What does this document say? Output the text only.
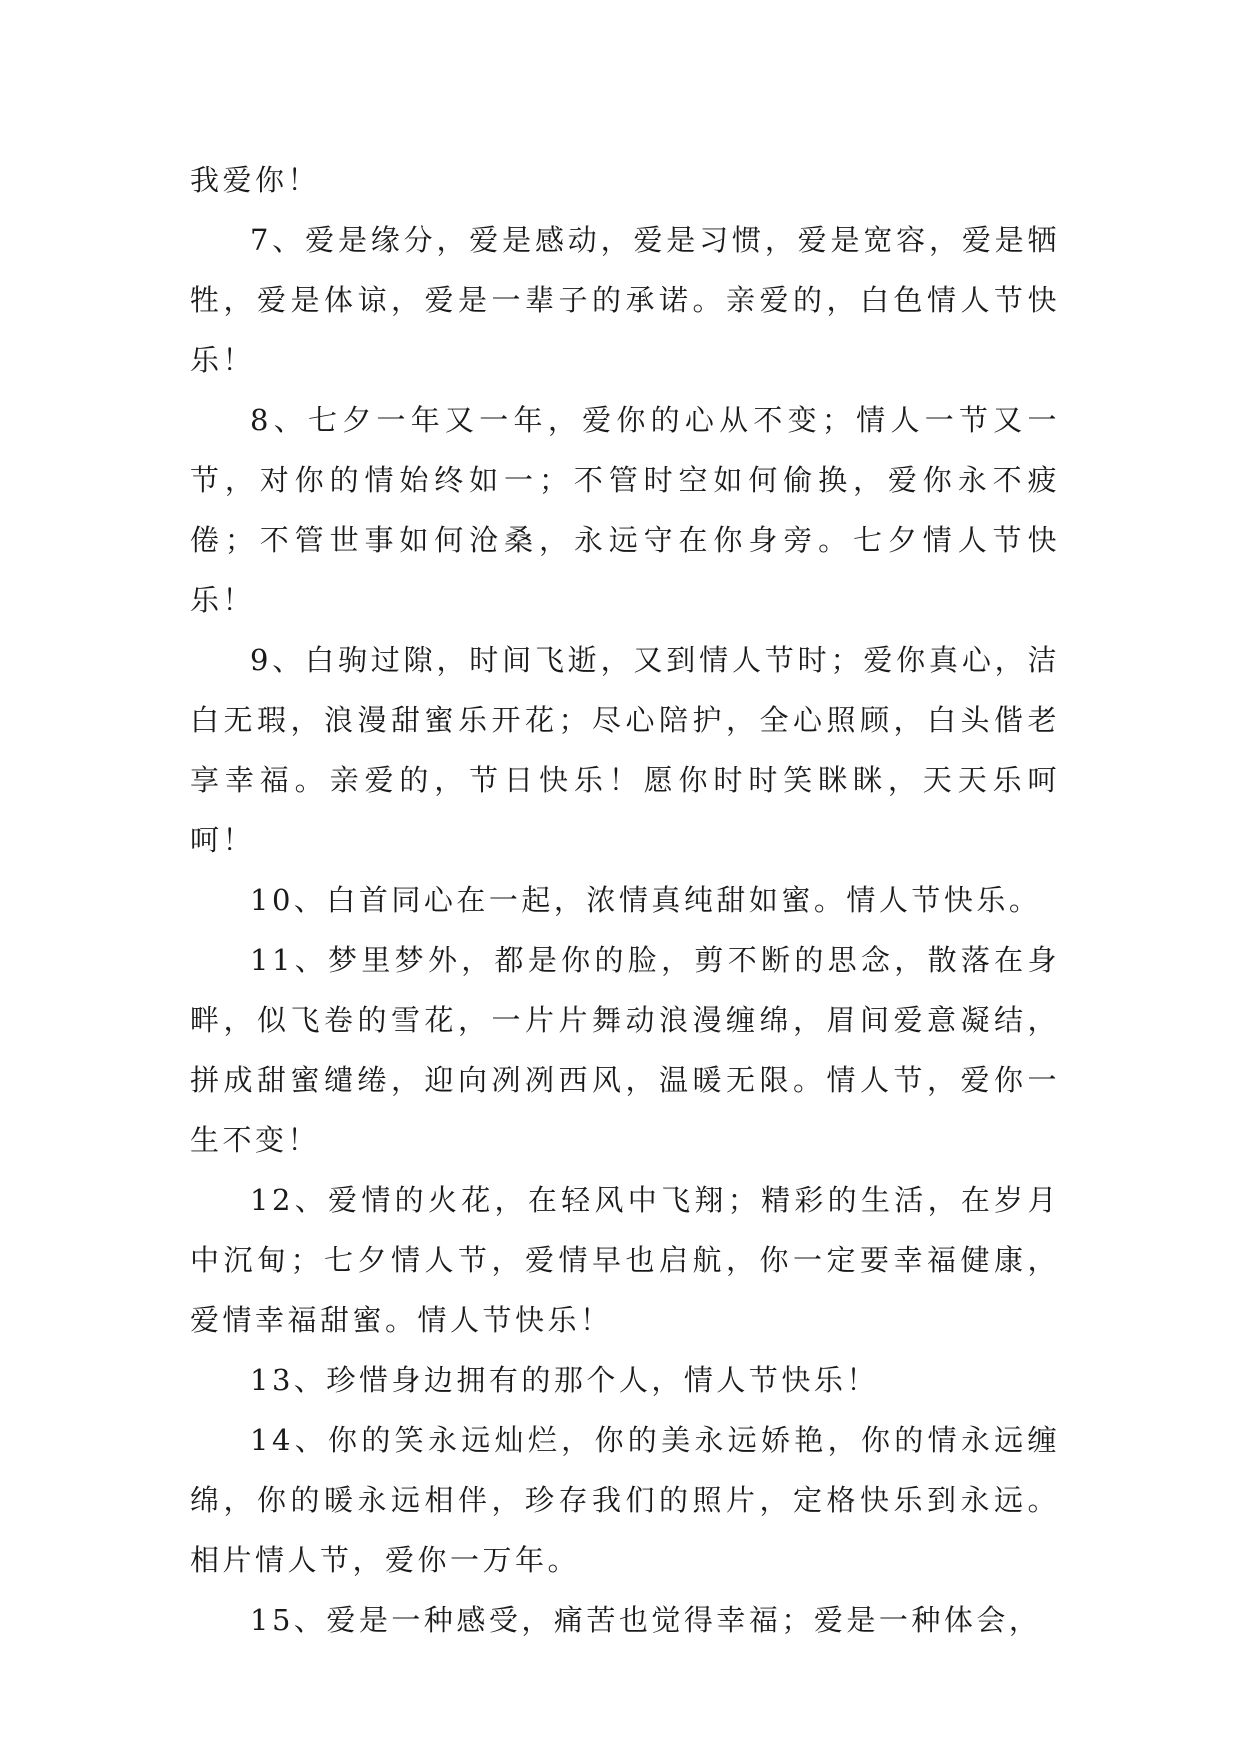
我爱你！

7、爱是缘分，爱是感动，爱是习惯，爱是宽容，爱是牺牲，爱是体谅，爱是一辈子的承诺。亲爱的，白色情人节快乐！

8、七夕一年又一年，爱你的心从不变；情人一节又一节，对你的情始终如一；不管时空如何偷换，爱你永不疲倦；不管世事如何沧桑，永远守在你身旁。七夕情人节快乐！

9、白驹过隙，时间飞逝，又到情人节时；爱你真心，洁白无瑕，浪漫甜蜜乐开花；尽心陪护，全心照顾，白头偕老享幸福。亲爱的，节日快乐！愿你时时笑眯眯，天天乐呵呵！

10、白首同心在一起，浓情真纯甜如蜜。情人节快乐。

11、梦里梦外，都是你的脸，剪不断的思念，散落在身畔，似飞卷的雪花，一片片舞动浪漫缠绵，眉间爱意凝结，拼成甜蜜缱绻，迎向冽冽西风，温暖无限。情人节，爱你一生不变！

12、爱情的火花，在轻风中飞翔；精彩的生活，在岁月中沉甸；七夕情人节，爱情早也启航，你一定要幸福健康，爱情幸福甜蜜。情人节快乐！

13、珍惜身边拥有的那个人，情人节快乐！

14、你的笑永远灿烂，你的美永远娇艳，你的情永远缠绵，你的暖永远相伴，珍存我们的照片，定格快乐到永远。相片情人节，爱你一万年。

15、爱是一种感受，痛苦也觉得幸福；爱是一种体会，
